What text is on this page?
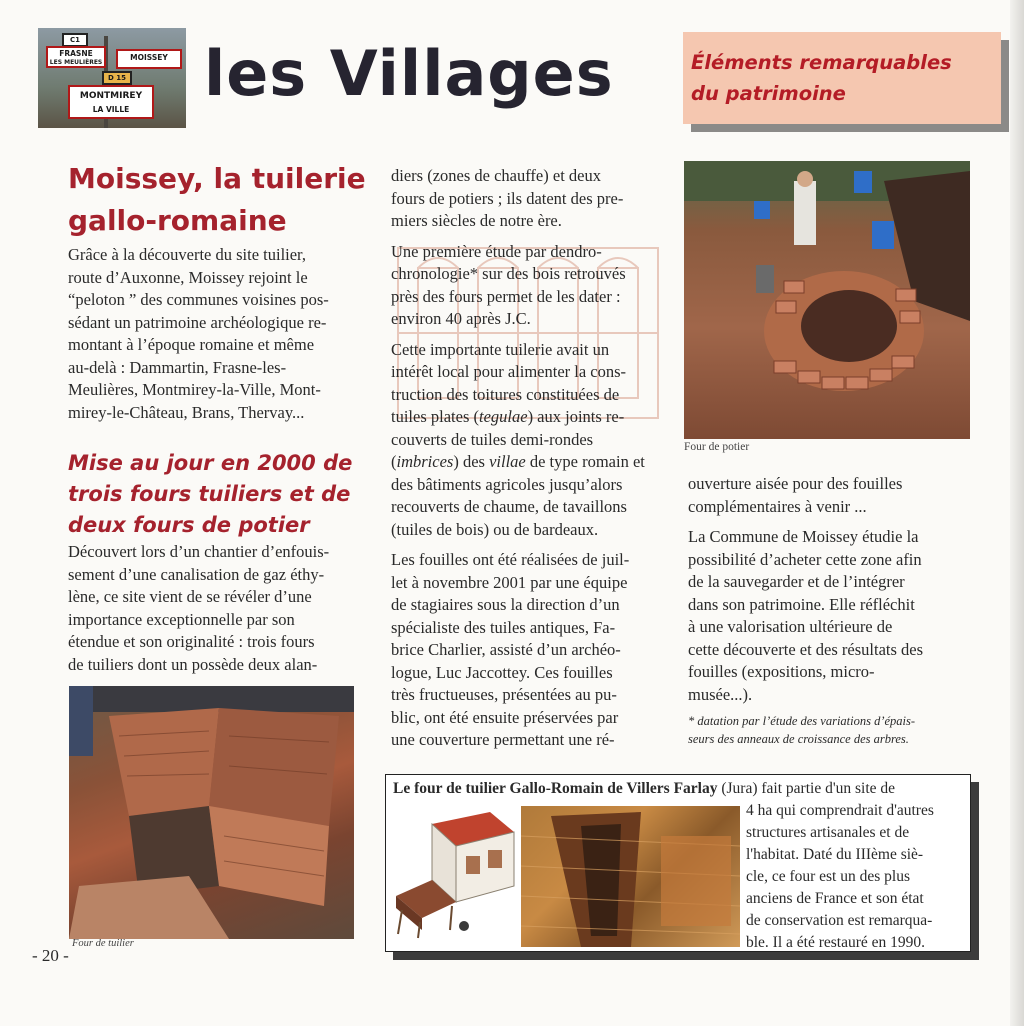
C1
FRASNE
LES MEULIÈRES
MOISSEY
D 15
MONTMIREY
LA VILLE	les Villages	Éléments remarquables
du patrimoine
Moissey, la tuilerie
gallo-romaine
Grâce à la découverte du site tuilier,
route d’Auxonne, Moissey rejoint le
“peloton ” des communes voisines pos-
sédant un patrimoine archéologique re-
montant à l’époque romaine et même
au-delà : Dammartin, Frasne-les-
Meulières, Montmirey-la-Ville, Mont-
mirey-le-Château, Brans, Thervay...
Mise au jour en 2000 de
trois fours tuiliers et de
deux fours de potier
Découvert lors d’un chantier d’enfouis-
sement d’une canalisation de gaz éthy-
lène, ce site vient de se révéler d’une
importance exceptionnelle par son
étendue et son originalité : trois fours
de tuiliers dont un possède deux alan-
Four de tuilier
diers (zones de chauffe) et deux
fours de potiers ; ils datent des pre-
miers siècles de notre ère.
Une première étude par dendro-
chronologie* sur des bois retrouvés
près des fours permet de les dater :
environ 40 après J.C.
Cette importante tuilerie avait un
intérêt local pour alimenter la cons-
truction des toitures constituées de
tuiles plates (tegulae) aux joints re-
couverts de tuiles demi-rondes
(imbrices) des villae de type romain et
des bâtiments agricoles jusqu’alors
recouverts de chaume, de tavaillons
(tuiles de bois) ou de bardeaux.
Les fouilles ont été réalisées de juil-
let à novembre 2001 par une équipe
de stagiaires sous la direction d’un
spécialiste des tuiles antiques, Fa-
brice Charlier, assisté d’un archéo-
logue, Luc Jaccottey. Ces fouilles
très fructueuses, présentées au pu-
blic, ont été ensuite préservées par
une couverture permettant une ré-
Four de potier
ouverture aisée pour des fouilles
complémentaires à venir ...
La Commune de Moissey étudie la
possibilité d’acheter cette zone afin
de la sauvegarder et de l’intégrer
dans son patrimoine. Elle réfléchit
à une valorisation ultérieure de
cette découverte et des résultats des
fouilles (expositions, micro-
musée...).
* datation par l’étude des variations d’épais-
seurs des anneaux de croissance des arbres.
Le four de tuilier Gallo-Romain de Villers Farlay (Jura) fait partie d'un site de
4 ha qui comprendrait d'autres
structures artisanales et de
l'habitat. Daté du IIIème siè-
cle, ce four est un des plus
anciens de France et son état
de conservation est remarqua-
ble. Il a été restauré en 1990.
- 20 -
